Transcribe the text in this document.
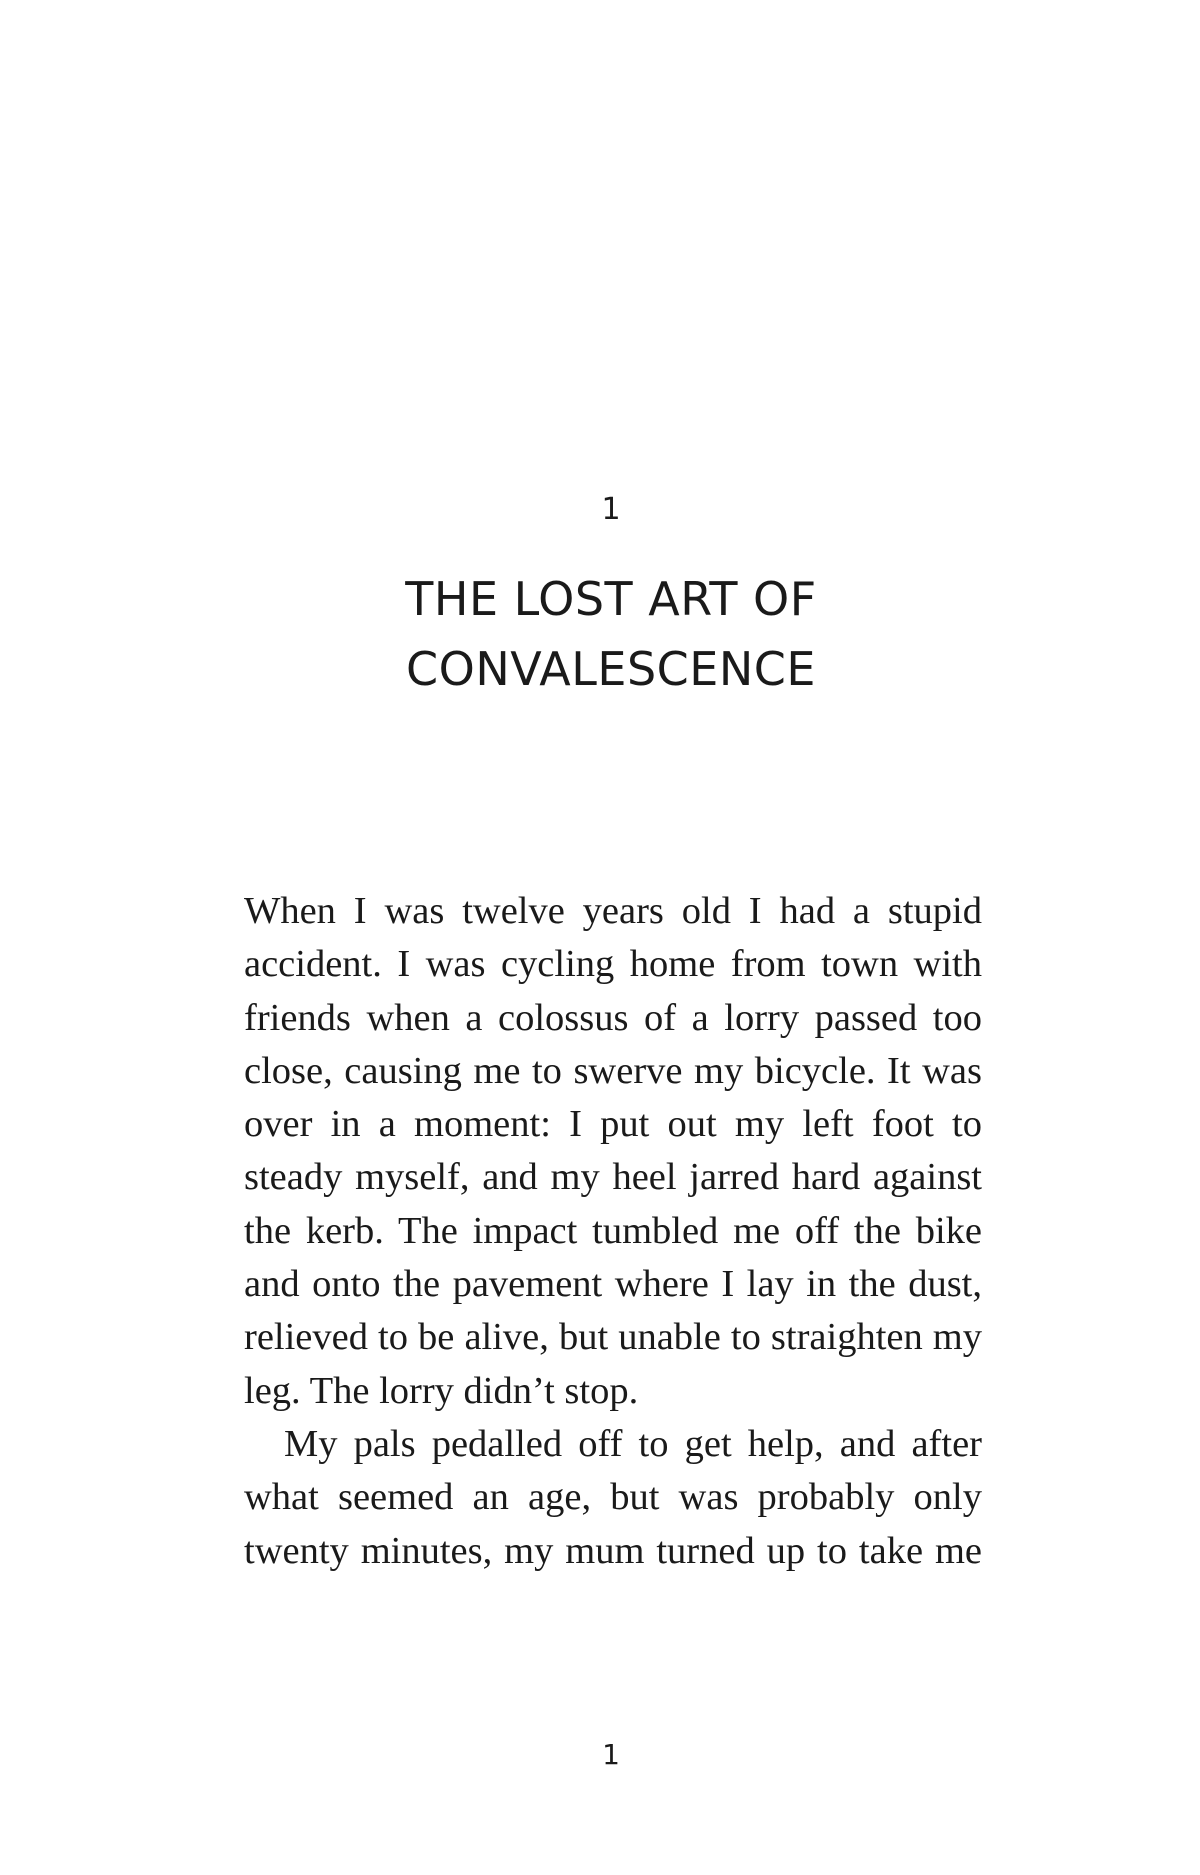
1
THE LOST ART OF
CONVALESCENCE

When I was twelve years old I had a stupid
accident. I was cycling home from town with
friends when a colossus of a lorry passed too
close, causing me to swerve my bicycle. It was
over in a moment: I put out my left foot to
steady myself, and my heel jarred hard against
the kerb. The impact tumbled me off the bike
and onto the pavement where I lay in the dust,
relieved to be alive, but unable to straighten my
leg. The lorry didn’t stop.

My pals pedalled off to get help, and after
what seemed an age, but was probably only
twenty minutes, my mum turned up to take me

1
